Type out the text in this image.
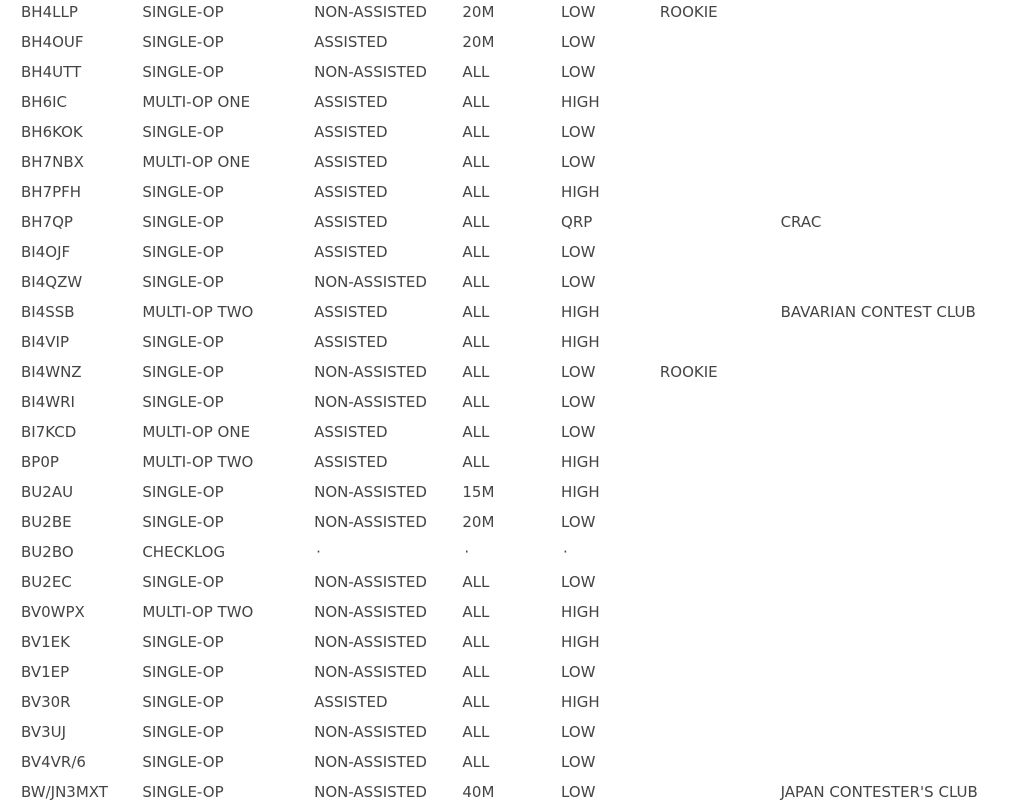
BH4LLP	SINGLE-OP	NON-ASSISTED	20M	LOW	ROOKIE	
BH4OUF	SINGLE-OP	ASSISTED	20M	LOW		
BH4UTT	SINGLE-OP	NON-ASSISTED	ALL	LOW		
BH6IC	MULTI-OP ONE	ASSISTED	ALL	HIGH		
BH6KOK	SINGLE-OP	ASSISTED	ALL	LOW		
BH7NBX	MULTI-OP ONE	ASSISTED	ALL	LOW		
BH7PFH	SINGLE-OP	ASSISTED	ALL	HIGH		
BH7QP	SINGLE-OP	ASSISTED	ALL	QRP		CRAC
BI4OJF	SINGLE-OP	ASSISTED	ALL	LOW		
BI4QZW	SINGLE-OP	NON-ASSISTED	ALL	LOW		
BI4SSB	MULTI-OP TWO	ASSISTED	ALL	HIGH		BAVARIAN CONTEST CLUB
BI4VIP	SINGLE-OP	ASSISTED	ALL	HIGH		
BI4WNZ	SINGLE-OP	NON-ASSISTED	ALL	LOW	ROOKIE	
BI4WRI	SINGLE-OP	NON-ASSISTED	ALL	LOW		
BI7KCD	MULTI-OP ONE	ASSISTED	ALL	LOW		
BP0P	MULTI-OP TWO	ASSISTED	ALL	HIGH		
BU2AU	SINGLE-OP	NON-ASSISTED	15M	HIGH		
BU2BE	SINGLE-OP	NON-ASSISTED	20M	LOW		
BU2BO	CHECKLOG	·	·	·		
BU2EC	SINGLE-OP	NON-ASSISTED	ALL	LOW		
BV0WPX	MULTI-OP TWO	NON-ASSISTED	ALL	HIGH		
BV1EK	SINGLE-OP	NON-ASSISTED	ALL	HIGH		
BV1EP	SINGLE-OP	NON-ASSISTED	ALL	LOW		
BV30R	SINGLE-OP	ASSISTED	ALL	HIGH		
BV3UJ	SINGLE-OP	NON-ASSISTED	ALL	LOW		
BV4VR/6	SINGLE-OP	NON-ASSISTED	ALL	LOW		
BW/JN3MXT	SINGLE-OP	NON-ASSISTED	40M	LOW		JAPAN CONTESTER'S CLUB
